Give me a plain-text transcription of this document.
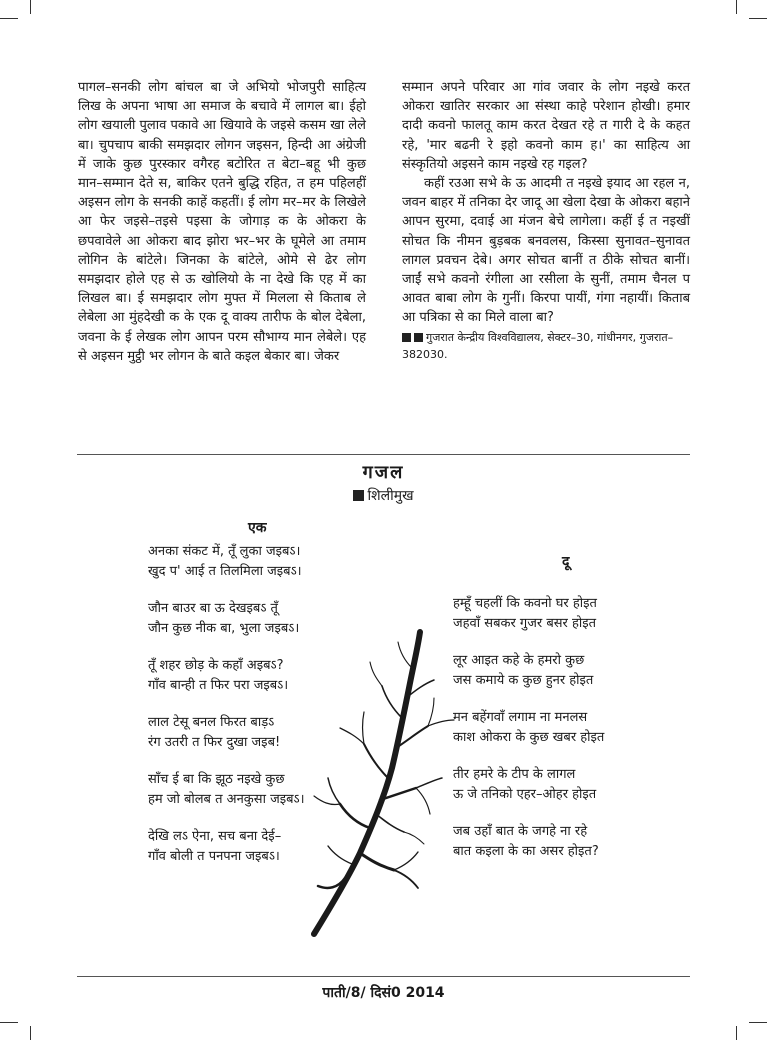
पागल–सनकी लोग बांचल बा जे अभियो भोजपुरी साहित्य लिख के अपना भाषा आ समाज के बचावे में लागल बा। ईहो लोग खयाली पुलाव पकावे आ खियावे के जइसे कसम खा लेले बा। चुपचाप बाकी समझदार लोगन जइसन, हिन्दी आ अंग्रेजी में जाके कुछ पुरस्कार वगैरह बटोरित त बेटा–बहू भी कुछ मान–सम्मान देते स, बाकिर एतने बुद्धि रहित, त हम पहिलहीं अइसन लोग के सनकी काहें कहतीं। ई लोग मर–मर के लिखेले आ फेर जइसे–तइसे पइसा के जोगाड़ क के ओकरा के छपवावेले आ ओकरा बाद झोरा भर–भर के घूमेले आ तमाम लोगिन के बांटेले। जिनका के बांटेले, ओमे से ढेर लोग समझदार होले एह से ऊ खोलियो के ना देखे कि एह में का लिखल बा। ई समझदार लोग मुफ्त में मिलला से किताब ले लेबेला आ मुंहदेखी क के एक दू वाक्य तारीफ के बोल देबेला, जवना के ई लेखक लोग आपन परम सौभाग्य मान लेबेले। एह से अइसन मुट्ठी भर लोगन के बाते कइल बेकार बा। जेकर

सम्मान अपने परिवार आ गांव जवार के लोग नइखे करत ओकरा खातिर सरकार आ संस्था काहे परेशान होखी। हमार दादी कवनो फालतू काम करत देखत रहे त गारी दे के कहत रहे, 'मार बढनी रे इहो कवनो काम ह।' का साहित्य आ संस्कृतियो अइसने काम नइखे रह गइल?

कहीं रउआ सभे के ऊ आदमी त नइखे इयाद आ रहल न, जवन बाहर में तनिका देर जादू आ खेला देखा के ओकरा बहाने आपन सुरमा, दवाई आ मंजन बेचे लागेला। कहीं ई त नइखीं सोचत कि नीमन बुड़बक बनवलस, किस्सा सुनावत–सुनावत लागल प्रवचन देबे। अगर सोचत बानीं त ठीके सोचत बानीं। जाईं सभे कवनो रंगीला आ रसीला के सुनीं, तमाम चैनल प आवत बाबा लोग के गुनीं। किरपा पायीं, गंगा नहायीं। किताब आ पत्रिका से का मिले वाला बा?

गुजरात केन्द्रीय विश्वविद्यालय, सेक्टर–30, गांधीनगर, गुजरात–382030.
गजल
शिलीमुख
एक
अनका संकट में, तूँ लुका जइबऽ।
खुद प' आई त तिलमिला जइबऽ।
जौन बाउर बा ऊ देखइबऽ तूँ
जौन कुछ नीक बा, भुला जइबऽ।
तूँ शहर छोड़ के कहाँ अइबऽ?
गाँव बान्ही त फिर परा जइबऽ।
लाल टेसू बनल फिरत बाड़ऽ
रंग उतरी त फिर दुखा जइब!
साँच ई बा कि झूठ नइखे कुछ
हम जो बोलब त अनकुसा जइबऽ।
देखि लऽ ऐना, सच बना देई–
गाँव बोली त पनपना जइबऽ।
दू
हम्हूँ चहलीं कि कवनो घर होइत
जहवाँ सबकर गुजर बसर होइत
लूर आइत कहे के हमरो कुछ
जस कमाये क कुछ हुनर होइत
मन बहेंगवाँ लगाम ना मनलस
काश ओकरा के कुछ खबर होइत
तीर हमरे के टीप के लागल
ऊ जे तनिको एहर–ओहर होइत
जब उहाँ बात के जगहे ना रहे
बात कइला के का असर होइत?
पाती/8/ दिसं0 2014
